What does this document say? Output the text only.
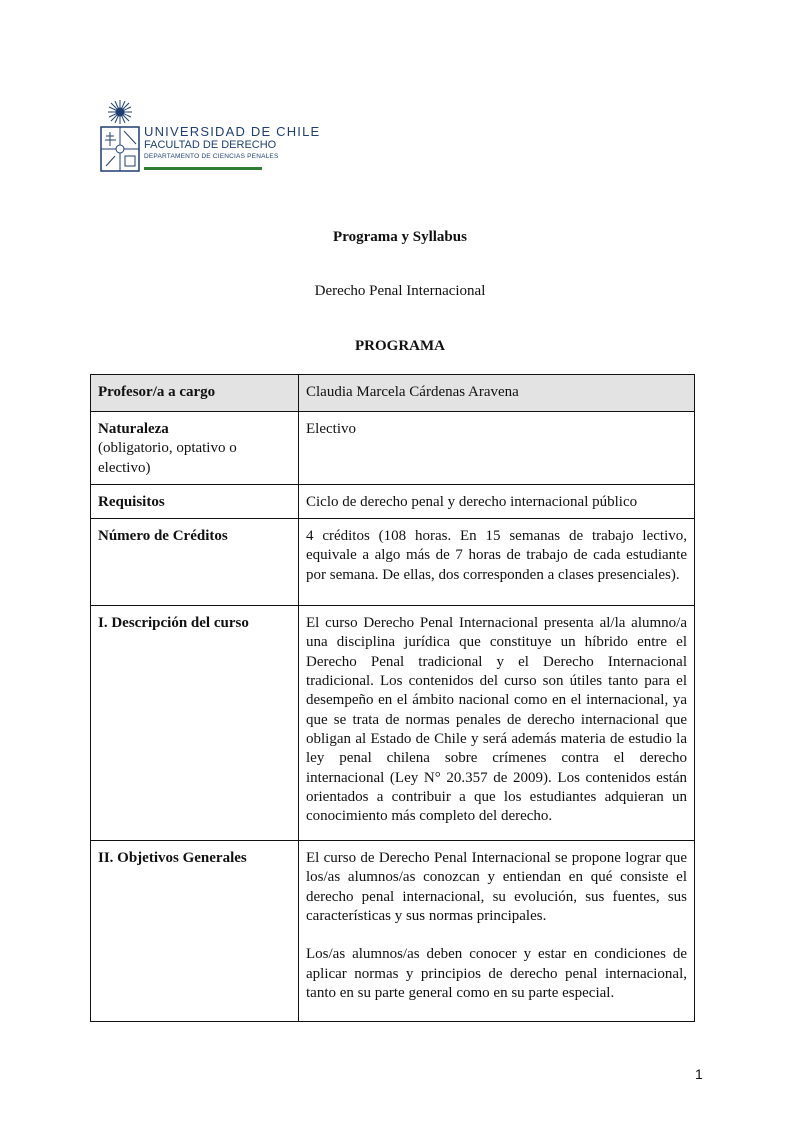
UNIVERSIDAD DE CHILE
FACULTAD DE DERECHO
DEPARTAMENTO DE CIENCIAS PENALES
Programa y Syllabus
Derecho Penal Internacional
PROGRAMA
Profesor/a a cargo	Claudia Marcela Cárdenas Aravena

Naturaleza
(obligatorio, optativo o electivo)	Electivo
Requisitos	Ciclo de derecho penal y derecho internacional público
Número de Créditos	4 créditos (108 horas. En 15 semanas de trabajo lectivo, equivale a algo más de 7 horas de trabajo de cada estudiante por semana. De ellas, dos corresponden a clases presenciales).
I. Descripción del curso	El curso Derecho Penal Internacional presenta al/la alumno/a una disciplina jurídica que constituye un híbrido entre el Derecho Penal tradicional y el Derecho Internacional tradicional. Los contenidos del curso son útiles tanto para el desempeño en el ámbito nacional como en el internacional, ya que se trata de normas penales de derecho internacional que obligan al Estado de Chile y será además materia de estudio la ley penal chilena sobre crímenes contra el derecho internacional (Ley N° 20.357 de 2009). Los contenidos están orientados a contribuir a que los estudiantes adquieran un conocimiento más completo del derecho.
II. Objetivos Generales	El curso de Derecho Penal Internacional se propone lograr que los/as alumnos/as conozcan y entiendan en qué consiste el derecho penal internacional, su evolución, sus fuentes, sus características y sus normas principales.

Los/as alumnos/as deben conocer y estar en condiciones de aplicar normas y principios de derecho penal internacional, tanto en su parte general como en su parte especial.

1
